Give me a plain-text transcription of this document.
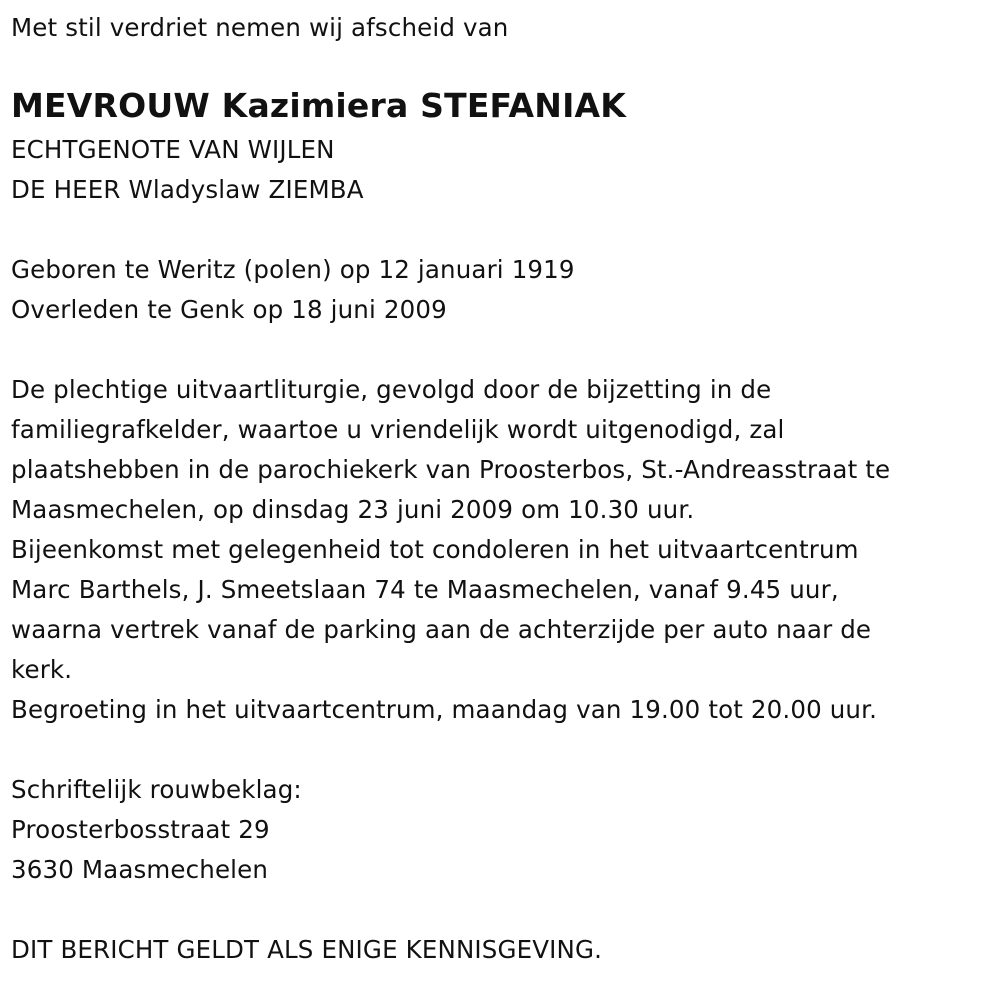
Met stil verdriet nemen wij afscheid van
MEVROUW Kazimiera STEFANIAK
ECHTGENOTE VAN WIJLEN
DE HEER Wladyslaw ZIEMBA
Geboren te Weritz (polen) op 12 januari 1919
Overleden te Genk op 18 juni 2009
De plechtige uitvaartliturgie, gevolgd door de bijzetting in de
familiegrafkelder, waartoe u vriendelijk wordt uitgenodigd, zal
plaatshebben in de parochiekerk van Proosterbos, St.-Andreasstraat te
Maasmechelen, op dinsdag 23 juni 2009 om 10.30 uur.
Bijeenkomst met gelegenheid tot condoleren in het uitvaartcentrum
Marc Barthels, J. Smeetslaan 74 te Maasmechelen, vanaf 9.45 uur,
waarna vertrek vanaf de parking aan de achterzijde per auto naar de
kerk.
Begroeting in het uitvaartcentrum, maandag van 19.00 tot 20.00 uur.
Schriftelijk rouwbeklag:
Proosterbosstraat 29
3630 Maasmechelen
DIT BERICHT GELDT ALS ENIGE KENNISGEVING.
